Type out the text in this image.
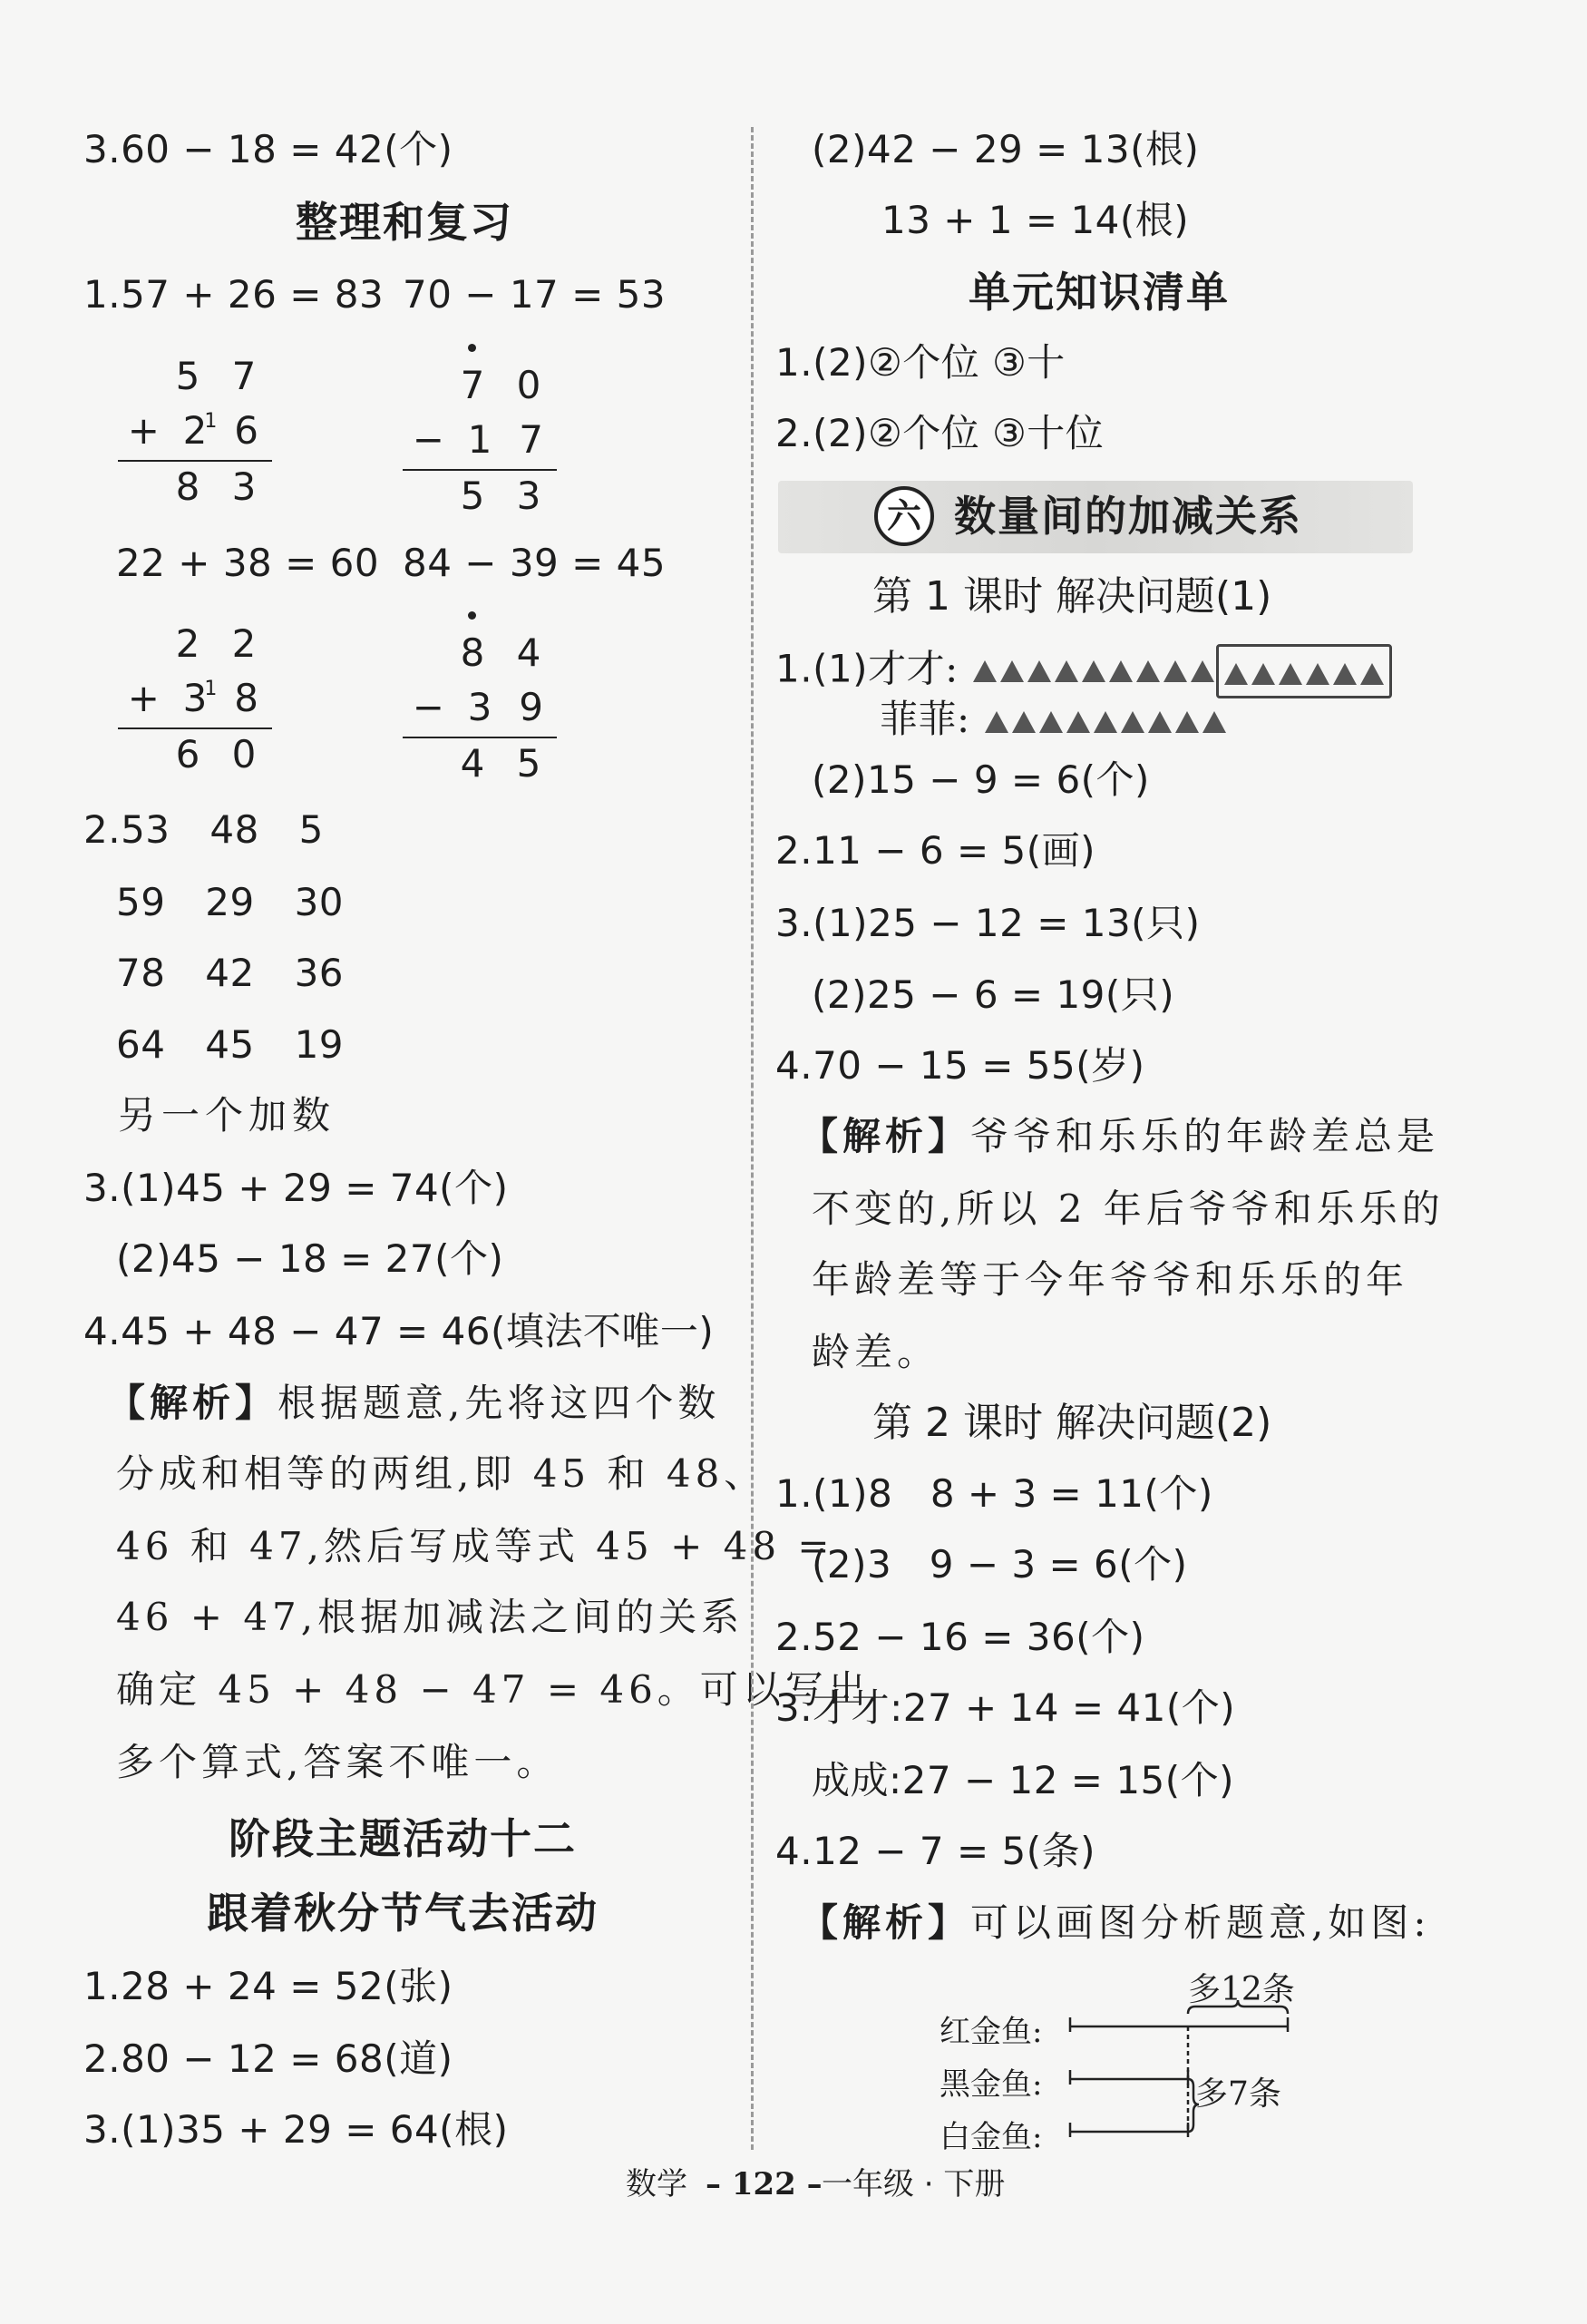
3.60 − 18 = 42(个)
整理和复习
1.57 + 26 = 83 70 − 17 = 53
5 7
+ 2
1 6
8 3
7 0
− 1 7
5 3
22 + 38 = 60 84 − 39 = 45
2 2
+ 3
1 8
6 0
8 4
− 3 9
4 5
2.53 48 5
59 29 30
78 42 36
64 45 19
另一个加数
3.(1)45 + 29 = 74(个)
(2)45 − 18 = 27(个)
4.45 + 48 − 47 = 46(填法不唯一)
【解析】根据题意,先将这四个数
分成和相等的两组,即 45 和 48、
46 和 47,然后写成等式 45 + 48 =
46 + 47,根据加减法之间的关系
确定 45 + 48 − 47 = 46。可以写出
多个算式,答案不唯一。
阶段主题活动十二
跟着秋分节气去活动
1.28 + 24 = 52(张)
2.80 − 12 = 68(道)
3.(1)35 + 29 = 64(根)
(2)42 − 29 = 13(根)
13 + 1 = 14(根)
单元知识清单
1.(2)②个位 ③十
2.(2)②个位 ③十位
六 数量间的加减关系
第 1 课时 解决问题(1)
1.(1)才才:
菲菲:
(2)15 − 9 = 6(个)
2.11 − 6 = 5(画)
3.(1)25 − 12 = 13(只)
(2)25 − 6 = 19(只)
4.70 − 15 = 55(岁)
【解析】爷爷和乐乐的年龄差总是
不变的,所以 2 年后爷爷和乐乐的
年龄差等于今年爷爷和乐乐的年
龄差。
第 2 课时 解决问题(2)
1.(1)8   8 + 3 = 11(个)
(2)3   9 − 3 = 6(个)
2.52 − 16 = 36(个)
3.才才:27 + 14 = 41(个)
成成:27 − 12 = 15(个)
4.12 − 7 = 5(条)
【解析】可以画图分析题意,如图:
多12条
红金鱼:
黑金鱼:
白金鱼:
多7条
数学 – 122 – 一年级 · 下册
